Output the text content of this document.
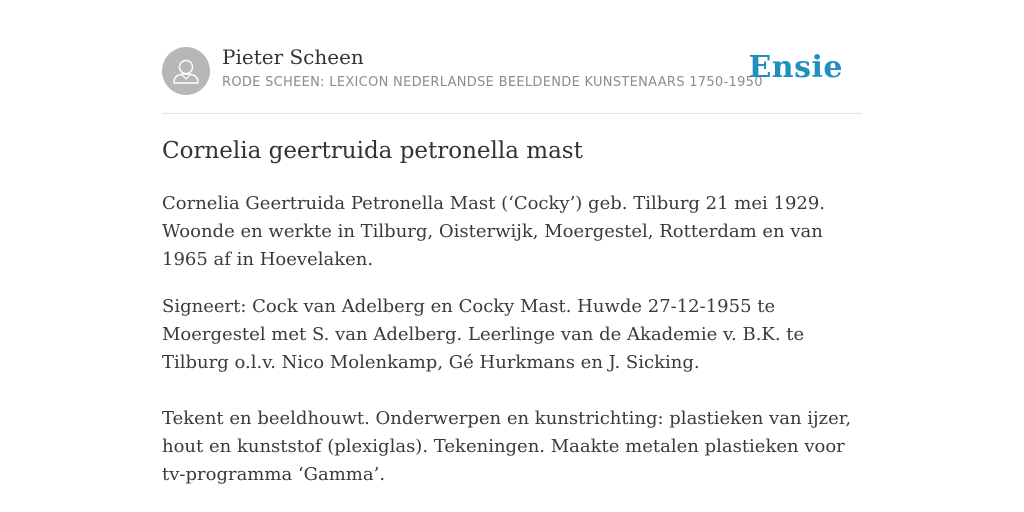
Pieter Scheen
RODE SCHEEN: LEXICON NEDERLANDSE BEELDENDE KUNSTENAARS 1750-1950
Ensie
Cornelia geertruida petronella mast

Cornelia Geertruida Petronella Mast (‘Cocky’) geb. Tilburg 21 mei 1929. Woonde en werkte in Tilburg, Oisterwijk, Moergestel, Rotterdam en van 1965 af in Hoevelaken.

Signeert: Cock van Adelberg en Cocky Mast. Huwde 27-12-1955 te Moergestel met S. van Adelberg. Leerlinge van de Akademie v. B.K. te Tilburg o.l.v. Nico Molenkamp, Gé Hurkmans en J. Sicking.

Tekent en beeldhouwt. Onderwerpen en kunstrichting: plastieken van ijzer, hout en kunststof (plexiglas). Tekeningen. Maakte metalen plastieken voor tv-programma ‘Gamma’.
